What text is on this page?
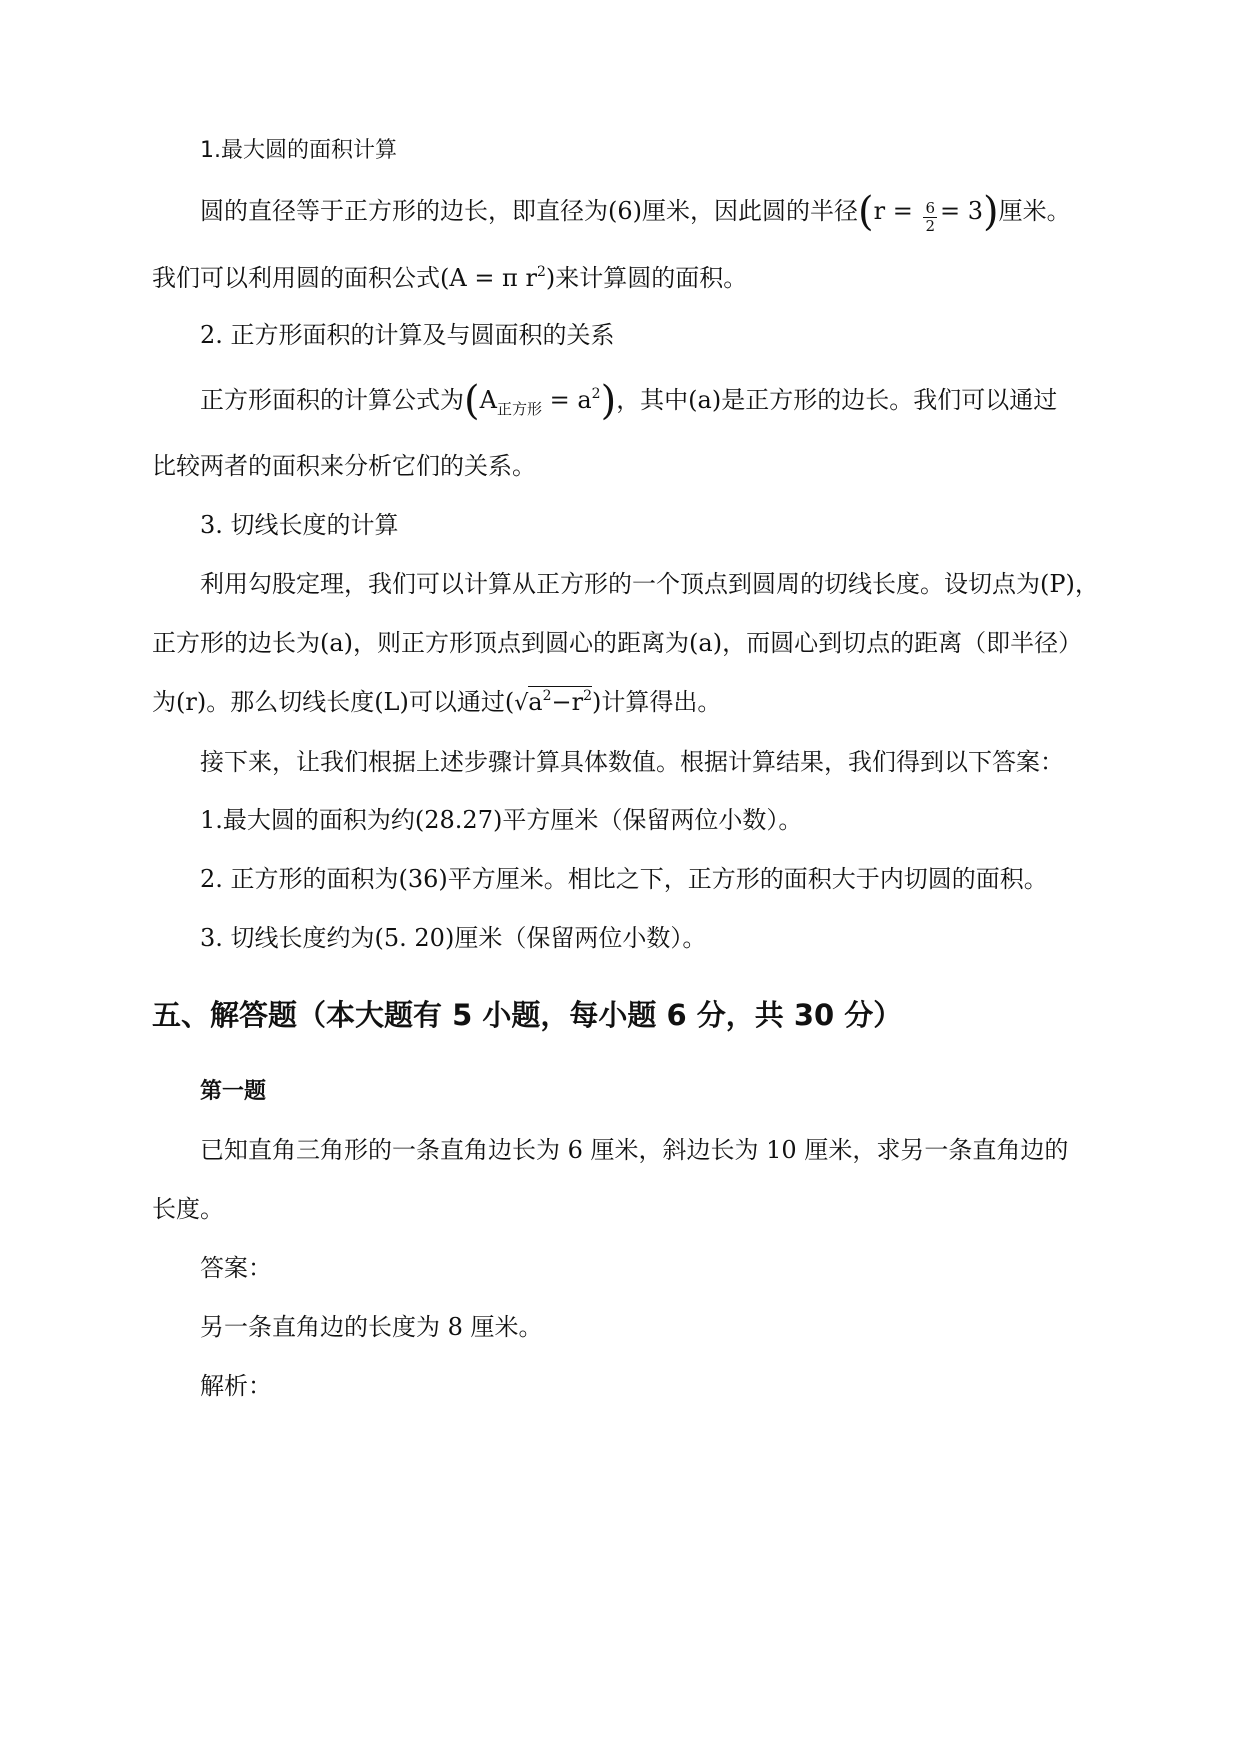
1.最大圆的面积计算
圆的直径等于正方形的边长，即直径为(6)厘米，因此圆的半径$(r = \frac{6}{2} = 3)$厘米。
我们可以利用圆的面积公式(A = π $r^2$)来计算圆的面积。
2. 正方形面积的计算及与圆面积的关系
正方形面积的计算公式为$(A_{正方形} = a^2)$，其中(a)是正方形的边长。我们可以通过
比较两者的面积来分析它们的关系。
3. 切线长度的计算
利用勾股定理，我们可以计算从正方形的一个顶点到圆周的切线长度。设切点为(P)，
正方形的边长为(a)，则正方形顶点到圆心的距离为(a)，而圆心到切点的距离（即半径）
为(r)。那么切线长度(L)可以通过$(√a^2-r^2)$计算得出。
接下来，让我们根据上述步骤计算具体数值。根据计算结果，我们得到以下答案：
1.最大圆的面积为约(28.27)平方厘米（保留两位小数）。
2. 正方形的面积为(36)平方厘米。相比之下，正方形的面积大于内切圆的面积。
3. 切线长度约为(5. 20)厘米（保留两位小数）。
五、解答题（本大题有 5 小题，每小题 6 分，共 30 分）
第一题
已知直角三角形的一条直角边长为 6 厘米，斜边长为 10 厘米，求另一条直角边的
长度。
答案：
另一条直角边的长度为 8 厘米。
解析：
